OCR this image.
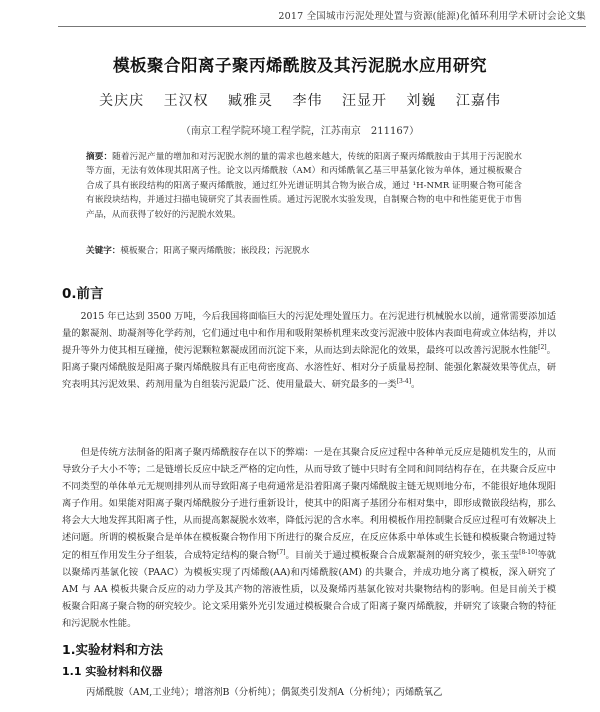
2017 全国城市污泥处理处置与资源(能源)化循环利用学术研讨会论文集
模板聚合阳离子聚丙烯酰胺及其污泥脱水应用研究
关庆庆 王汉权 臧雅灵 李伟 汪显开 刘巍 江嘉伟
（南京工程学院环境工程学院，江苏南京　211167）
摘要：随着污泥产量的增加和对污泥脱水剂的量的需求也越来越大，传统的阳离子聚丙烯酰胺由于其用于污泥脱水等方面，无法有效体现其阳离子性。论文以丙烯酰胺（AM）和丙烯酰氧乙基三甲基氯化铵为单体，通过模板聚合合成了具有嵌段结构的阳离子聚丙烯酰胺，通过红外光谱证明其合物为嵌合成，通过 ¹H-NMR 证明聚合物可能含有嵌段块结构，并通过扫描电镜研究了其表面性质。通过污泥脱水实验发现，自制聚合物的电中和性能更优于市售产品，从而获得了较好的污泥脱水效果。
关键字：模板聚合；阳离子聚丙烯酰胺；嵌段段；污泥脱水
0.前言

2015 年已达到 3500 万吨，今后我国将面临巨大的污泥处理处置压力。在污泥进行机械脱水以前，通常需要添加适量的絮凝剂、助凝剂等化学药剂，它们通过电中和作用和吸附架桥机理来改变污泥液中胶体内表面电荷或立体结构，并以提升等外力使其相互碰撞，使污泥颗粒絮凝成团而沉淀下来，从而达到去除泥化的效果，最终可以改善污泥脱水性能[2]。阳离子聚丙烯酰胺是阳离子聚丙烯酰胺具有正电荷密度高、水溶性好、相对分子质量易控制、能强化絮凝效果等优点，研究表明其污泥效果、药剂用量为自组装污泥最广泛、使用量最大、研究最多的一类[3-4]。

但是传统方法制备的阳离子聚丙烯酰胺存在以下的弊端：一是在其聚合反应过程中各种单元反应是随机发生的，从而导致分子大小不等；二是链增长反应中缺乏严格的定向性，从而导致了链中只时有全同和间同结构存在，在共聚合反应中不同类型的单体单元无规则排列从而导致阳离子电荷通常是沿着阳离子聚丙烯酰胺主链无规则地分布，不能很好地体现阳离子作用。如果能对阳离子聚丙烯酰胺分子进行重新设计，使其中的阳离子基团分布相对集中，即形成微嵌段结构，那么将会大大地发挥其阳离子性，从而提高絮凝脱水效率，降低污泥的含水率。利用模板作用控制聚合反应过程可有效解决上述问题。所谓的模板聚合是单体在模板聚合物作用下所进行的聚合反应，在反应体系中单体或生长链和模板聚合物通过特定的相互作用发生分子组装，合成特定结构的聚合物[7]。目前关于通过模板聚合合成絮凝剂的研究较少，张玉莹[8-10]等就以聚烯丙基氯化铵（PAAC）为模板实现了丙烯酸(AA)和丙烯酰胺(AM) 的共聚合，并成功地分离了模板，深入研究了 AM 与 AA 模板共聚合反应的动力学及其产物的溶液性质，以及聚烯丙基氯化铵对共聚物结构的影响。但是目前关于模板聚合阳离子聚合物的研究较少。论文采用紫外光引发通过模板聚合合成了阳离子聚丙烯酰胺，并研究了该聚合物的特征和污泥脱水性能。

1.实验材料和方法
1.1 实验材料和仪器
丙烯酰胺（AM,工业纯）；增溶剂B（分析纯）；偶氮类引发剂A（分析纯）；丙烯酰氧乙
